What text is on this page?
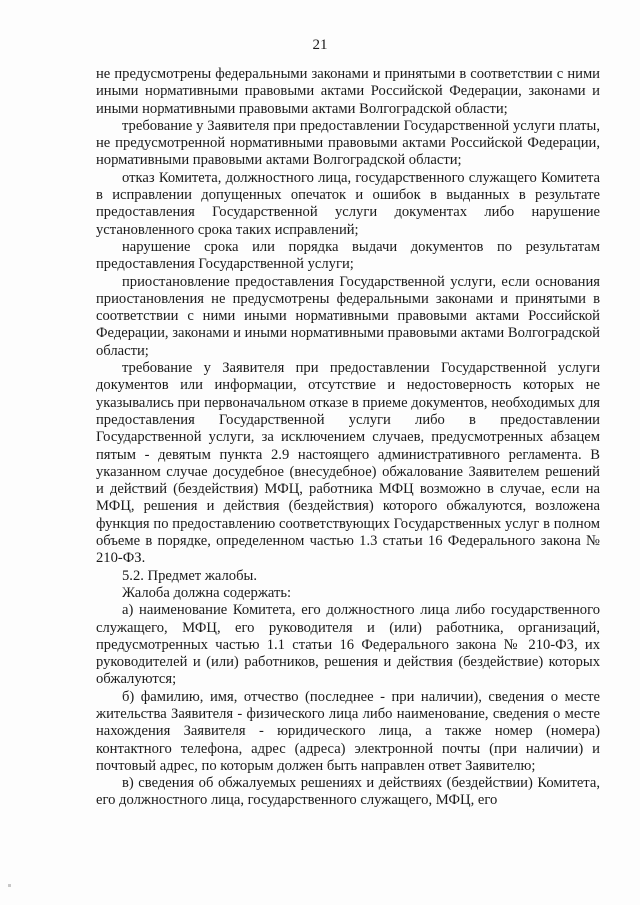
21

не предусмотрены федеральными законами и принятыми в соответствии с ними иными нормативными правовыми актами Российской Федерации, законами и иными нормативными правовыми актами Волгоградской области;

требование у Заявителя при предоставлении Государственной услуги платы, не предусмотренной нормативными правовыми актами Российской Федерации, нормативными правовыми актами Волгоградской области;

отказ Комитета, должностного лица, государственного служащего Комитета в исправлении допущенных опечаток и ошибок в выданных в результате предоставления Государственной услуги документах либо нарушение установленного срока таких исправлений;

нарушение срока или порядка выдачи документов по результатам предоставления Государственной услуги;

приостановление предоставления Государственной услуги, если основания приостановления не предусмотрены федеральными законами и принятыми в соответствии с ними иными нормативными правовыми актами Российской Федерации, законами и иными нормативными правовыми актами Волгоградской области;

требование у Заявителя при предоставлении Государственной услуги документов или информации, отсутствие и недостоверность которых не указывались при первоначальном отказе в приеме документов, необходимых для предоставления Государственной услуги либо в предоставлении Государственной услуги, за исключением случаев, предусмотренных абзацем пятым - девятым пункта 2.9 настоящего административного регламента. В указанном случае досудебное (внесудебное) обжалование Заявителем решений и действий (бездействия) МФЦ, работника МФЦ возможно в случае, если на МФЦ, решения и действия (бездействия) которого обжалуются, возложена функция по предоставлению соответствующих Государственных услуг в полном объеме в порядке, определенном частью 1.3 статьи 16 Федерального закона № 210-ФЗ.

5.2. Предмет жалобы.

Жалоба должна содержать:

а) наименование Комитета, его должностного лица либо государственного служащего, МФЦ, его руководителя и (или) работника, организаций, предусмотренных частью 1.1 статьи 16 Федерального закона № 210-ФЗ, их руководителей и (или) работников, решения и действия (бездействие) которых обжалуются;

б) фамилию, имя, отчество (последнее - при наличии), сведения о месте жительства Заявителя - физического лица либо наименование, сведения о месте нахождения Заявителя - юридического лица, а также номер (номера) контактного телефона, адрес (адреса) электронной почты (при наличии) и почтовый адрес, по которым должен быть направлен ответ Заявителю;

в) сведения об обжалуемых решениях и действиях (бездействии) Комитета, его должностного лица, государственного служащего, МФЦ, его
